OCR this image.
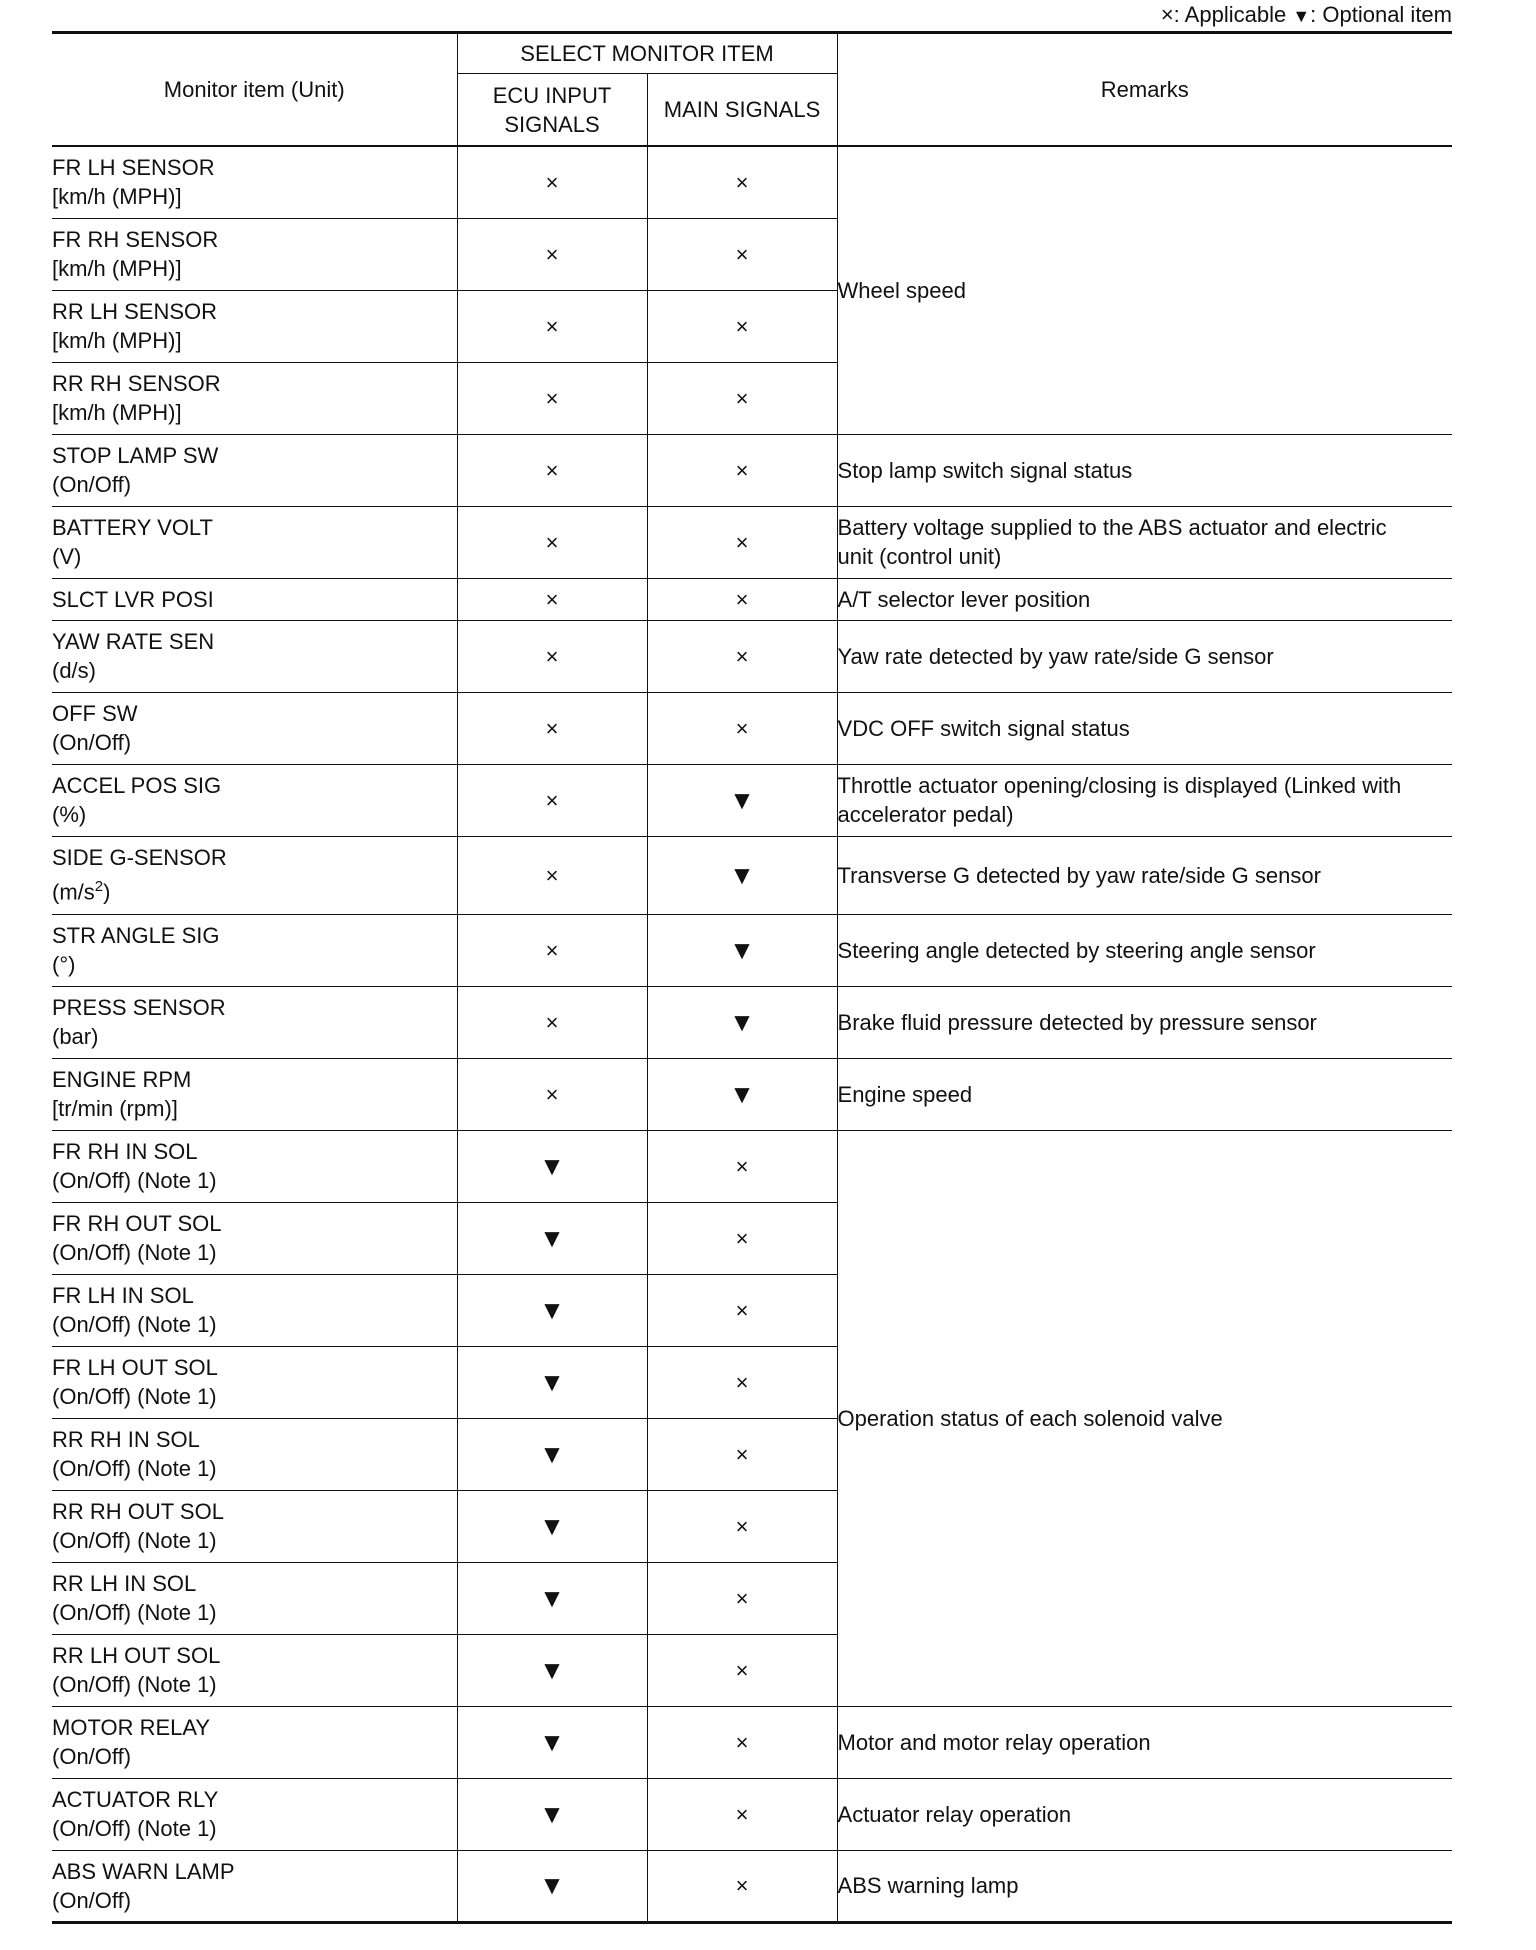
×: Applicable ▼: Optional item
Monitor item (Unit)	SELECT MONITOR ITEM		Remarks

	ECU INPUT
SIGNALS	MAIN SIGNALS	

FR LH SENSOR
[km/h (MPH)]	×	×	Wheel speed

FR RH SENSOR
[km/h (MPH)]	×	×	

RR LH SENSOR
[km/h (MPH)]	×	×	

RR RH SENSOR
[km/h (MPH)]	×	×	

STOP LAMP SW
(On/Off)	×	×	Stop lamp switch signal status

BATTERY VOLT
(V)	×	×	Battery voltage supplied to the ABS actuator and electric
unit (control unit)

SLCT LVR POSI	×	×	A/T selector lever position

YAW RATE SEN
(d/s)	×	×	Yaw rate detected by yaw rate/side G sensor

OFF SW
(On/Off)	×	×	VDC OFF switch signal status

ACCEL POS SIG
(%)	×	▼	Throttle actuator opening/closing is displayed (Linked with
accelerator pedal)

SIDE G-SENSOR
$(m/s^2)$	×	▼	Transverse G detected by yaw rate/side G sensor

STR ANGLE SIG
(°)	×	▼	Steering angle detected by steering angle sensor

PRESS SENSOR
(bar)	×	▼	Brake fluid pressure detected by pressure sensor

ENGINE RPM
[tr/min (rpm)]	×	▼	Engine speed

FR RH IN SOL
(On/Off) (Note 1)	▼	×	Operation status of each solenoid valve

FR RH OUT SOL
(On/Off) (Note 1)	▼	×	

FR LH IN SOL
(On/Off) (Note 1)	▼	×	

FR LH OUT SOL
(On/Off) (Note 1)	▼	×	

RR RH IN SOL
(On/Off) (Note 1)	▼	×	

RR RH OUT SOL
(On/Off) (Note 1)	▼	×	

RR LH IN SOL
(On/Off) (Note 1)	▼	×	

RR LH OUT SOL
(On/Off) (Note 1)	▼	×	

MOTOR RELAY
(On/Off)	▼	×	Motor and motor relay operation

ACTUATOR RLY
(On/Off) (Note 1)	▼	×	Actuator relay operation

ABS WARN LAMP
(On/Off)	▼	×	ABS warning lamp
